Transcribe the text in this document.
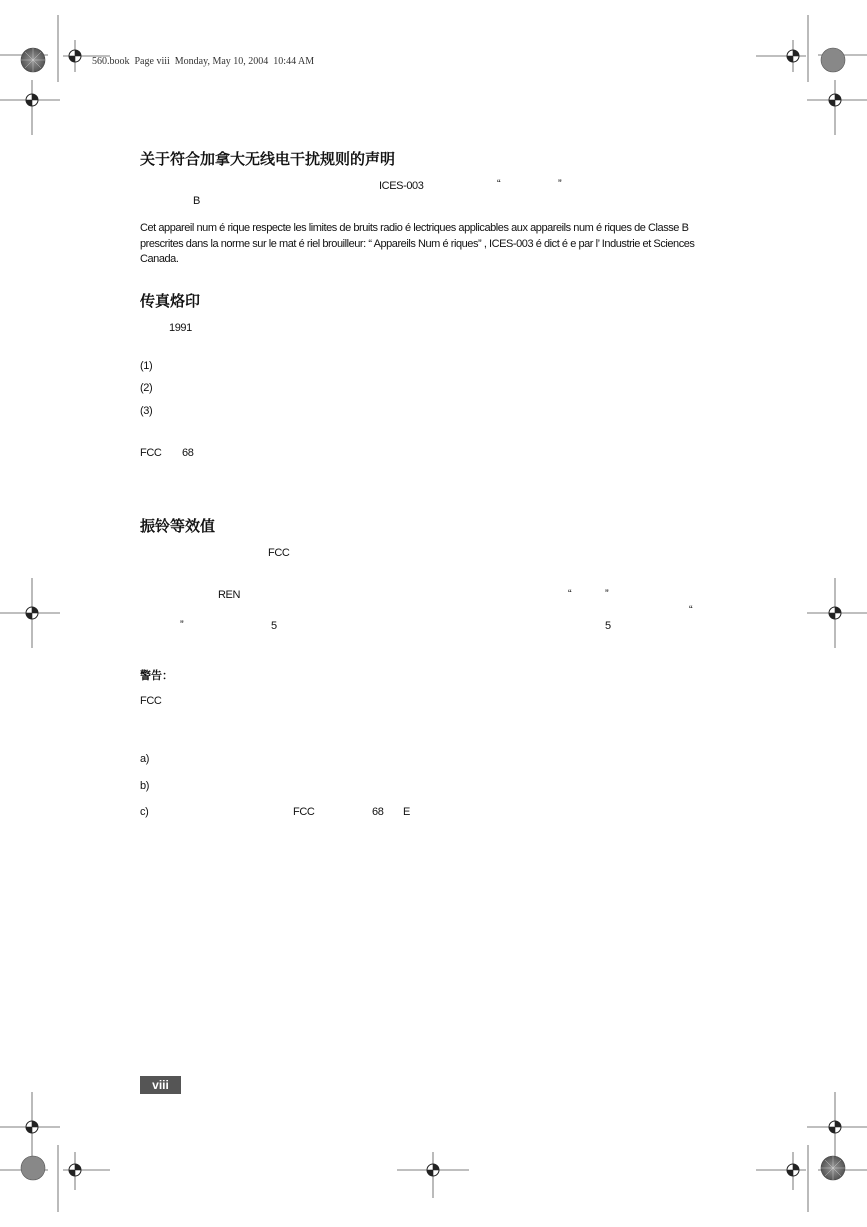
560.book  Page viii  Monday, May 10, 2004  10:44 AM
关于符合加拿大无线电干扰规则的声明
ICES-003	“	”
B
Cet appareil num é rique respecte les limites de bruits radio é lectriques applicables aux appareils num é riques de Classe B prescrites dans la norme sur le mat é riel brouilleur: “ Appareils Num é riques” , ICES-003 é dict é e par l’ Industrie et Sciences Canada.
传真烙印
1991
(1)
(2)
(3)
FCC 68
振铃等效值
FCC
REN	“	”
“
”	5	5
警告：
FCC
a)
b)
c)	FCC	68 E
viii
